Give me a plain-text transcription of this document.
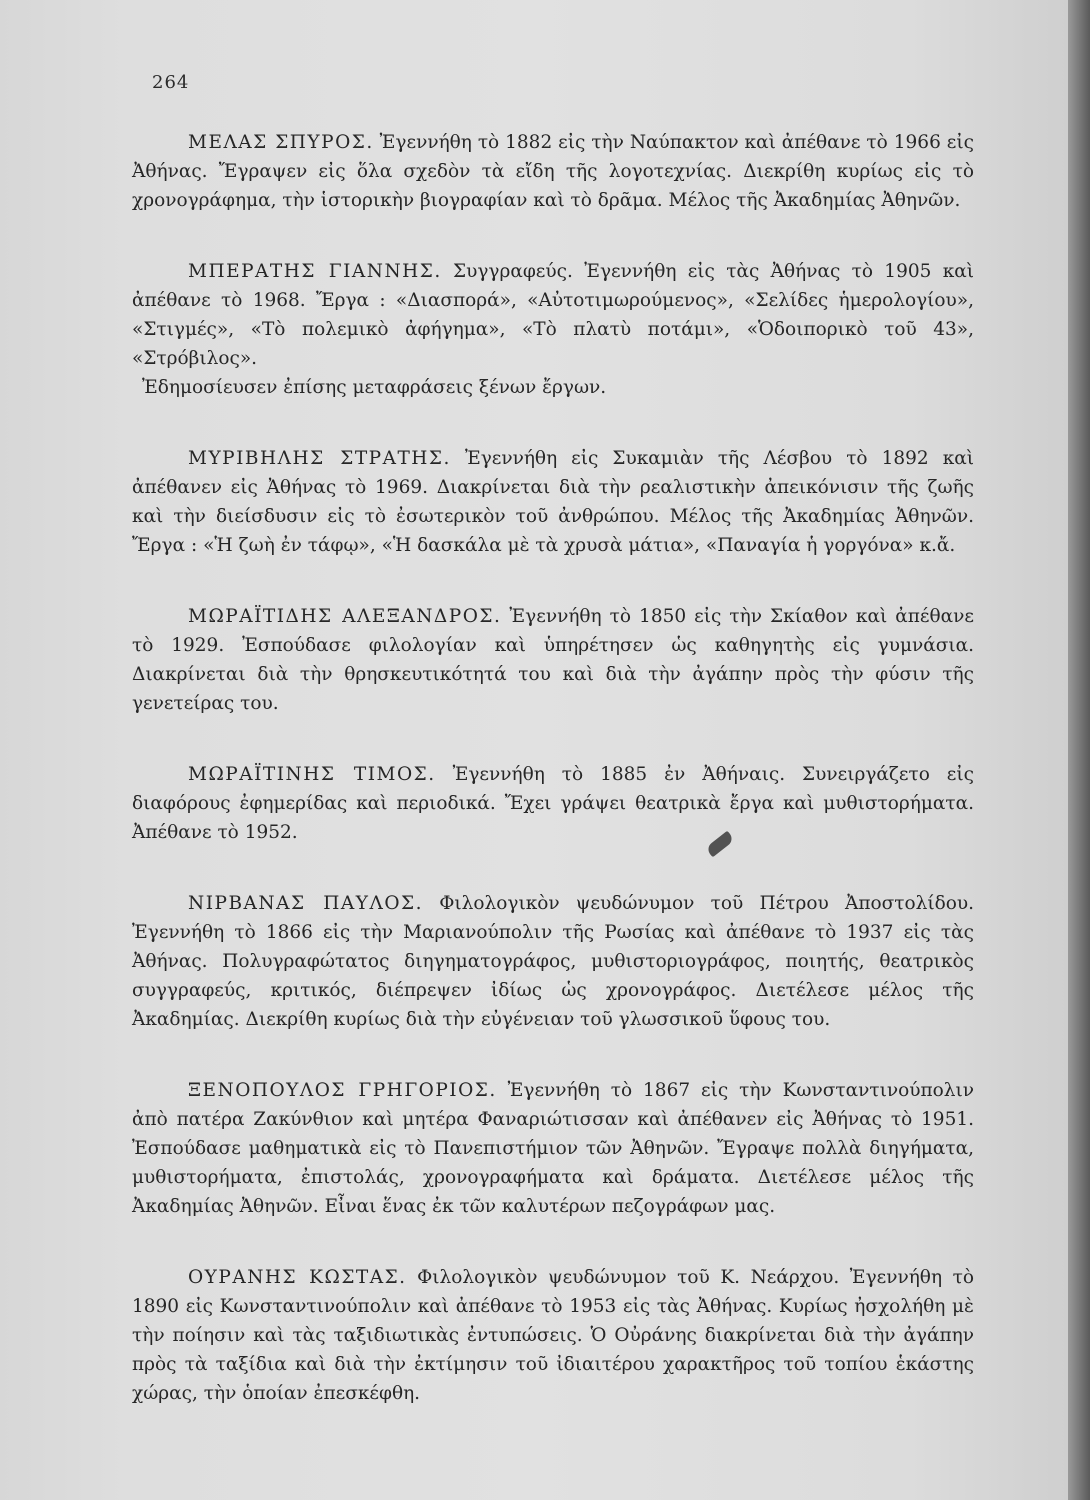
264

ΜΕΛΑΣ ΣΠΥΡΟΣ. Ἐγεννήθη τὸ 1882 εἰς τὴν Ναύπακτον καὶ ἀπέθανε τὸ 1966 εἰς Ἀθήνας. Ἔγραψεν εἰς ὅλα σχεδὸν τὰ εἴδη τῆς λογοτεχνίας. Διεκρίθη κυρίως εἰς τὸ χρονογράφημα, τὴν ἱστορικὴν βιογραφίαν καὶ τὸ δρᾶμα. Μέλος τῆς Ἀκαδημίας Ἀθηνῶν.

ΜΠΕΡΑΤΗΣ ΓΙΑΝΝΗΣ. Συγγραφεύς. Ἐγεννήθη εἰς τὰς Ἀθήνας τὸ 1905 καὶ ἀπέθανε τὸ 1968. Ἔργα : «Διασπορά», «Αὐτοτιμωρούμενος», «Σελίδες ἡμερολογίου», «Στιγμές», «Τὸ πολεμικὸ ἀφήγημα», «Τὸ πλατὺ ποτάμι», «Ὁδοιπορικὸ τοῦ 43», «Στρόβιλος».

Ἐδημοσίευσεν ἐπίσης μεταφράσεις ξένων ἔργων.

ΜΥΡΙΒΗΛΗΣ ΣΤΡΑΤΗΣ. Ἐγεννήθη εἰς Συκαμιὰν τῆς Λέσβου τὸ 1892 καὶ ἀπέθανεν εἰς Ἀθήνας τὸ 1969. Διακρίνεται διὰ τὴν ρεαλιστικὴν ἀπεικόνισιν τῆς ζωῆς καὶ τὴν διείσδυσιν εἰς τὸ ἐσωτερικὸν τοῦ ἀνθρώπου. Μέλος τῆς Ἀκαδημίας Ἀθηνῶν. Ἔργα : «Ἡ ζωὴ ἐν τάφῳ», «Ἡ δασκάλα μὲ τὰ χρυσὰ μάτια», «Παναγία ἡ γοργόνα» κ.ἄ.

ΜΩΡΑΪΤΙΔΗΣ ΑΛΕΞΑΝΔΡΟΣ. Ἐγεννήθη τὸ 1850 εἰς τὴν Σκίαθον καὶ ἀπέθανε τὸ 1929. Ἐσπούδασε φιλολογίαν καὶ ὑπηρέτησεν ὡς καθηγητὴς εἰς γυμνάσια. Διακρίνεται διὰ τὴν θρησκευτικότητά του καὶ διὰ τὴν ἀγάπην πρὸς τὴν φύσιν τῆς γενετείρας του.

ΜΩΡΑΪΤΙΝΗΣ ΤΙΜΟΣ. Ἐγεννήθη τὸ 1885 ἐν Ἀθήναις. Συνειργάζετο εἰς διαφόρους ἐφημερίδας καὶ περιοδικά. Ἔχει γράψει θεατρικὰ ἔργα καὶ μυθιστορήματα. Ἀπέθανε τὸ 1952.

ΝΙΡΒΑΝΑΣ ΠΑΥΛΟΣ. Φιλολογικὸν ψευδώνυμον τοῦ Πέτρου Ἀποστολίδου. Ἐγεννήθη τὸ 1866 εἰς τὴν Μαριανούπολιν τῆς Ρωσίας καὶ ἀπέθανε τὸ 1937 εἰς τὰς Ἀθήνας. Πολυγραφώτατος διηγηματογράφος, μυθιστοριογράφος, ποιητής, θεατρικὸς συγγραφεύς, κριτικός, διέπρεψεν ἰδίως ὡς χρονογράφος. Διετέλεσε μέλος τῆς Ἀκαδημίας. Διεκρίθη κυρίως διὰ τὴν εὐγένειαν τοῦ γλωσσικοῦ ὕφους του.

ΞΕΝΟΠΟΥΛΟΣ ΓΡΗΓΟΡΙΟΣ. Ἐγεννήθη τὸ 1867 εἰς τὴν Κωνσταντινούπολιν ἀπὸ πατέρα Ζακύνθιον καὶ μητέρα Φαναριώτισσαν καὶ ἀπέθανεν εἰς Ἀθήνας τὸ 1951. Ἐσπούδασε μαθηματικὰ εἰς τὸ Πανεπιστήμιον τῶν Ἀθηνῶν. Ἔγραψε πολλὰ διηγήματα, μυθιστορήματα, ἐπιστολάς, χρονογραφήματα καὶ δράματα. Διετέλεσε μέλος τῆς Ἀκαδημίας Ἀθηνῶν. Εἶναι ἕνας ἐκ τῶν καλυτέρων πεζογράφων μας.

ΟΥΡΑΝΗΣ ΚΩΣΤΑΣ. Φιλολογικὸν ψευδώνυμον τοῦ Κ. Νεάρχου. Ἐγεννήθη τὸ 1890 εἰς Κωνσταντινούπολιν καὶ ἀπέθανε τὸ 1953 εἰς τὰς Ἀθήνας. Κυρίως ἠσχολήθη μὲ τὴν ποίησιν καὶ τὰς ταξιδιωτικὰς ἐντυπώσεις. Ὁ Οὐράνης διακρίνεται διὰ τὴν ἀγάπην πρὸς τὰ ταξίδια καὶ διὰ τὴν ἐκτίμησιν τοῦ ἰδιαιτέρου χαρακτῆρος τοῦ τοπίου ἑκάστης χώρας, τὴν ὁποίαν ἐπεσκέφθη.
